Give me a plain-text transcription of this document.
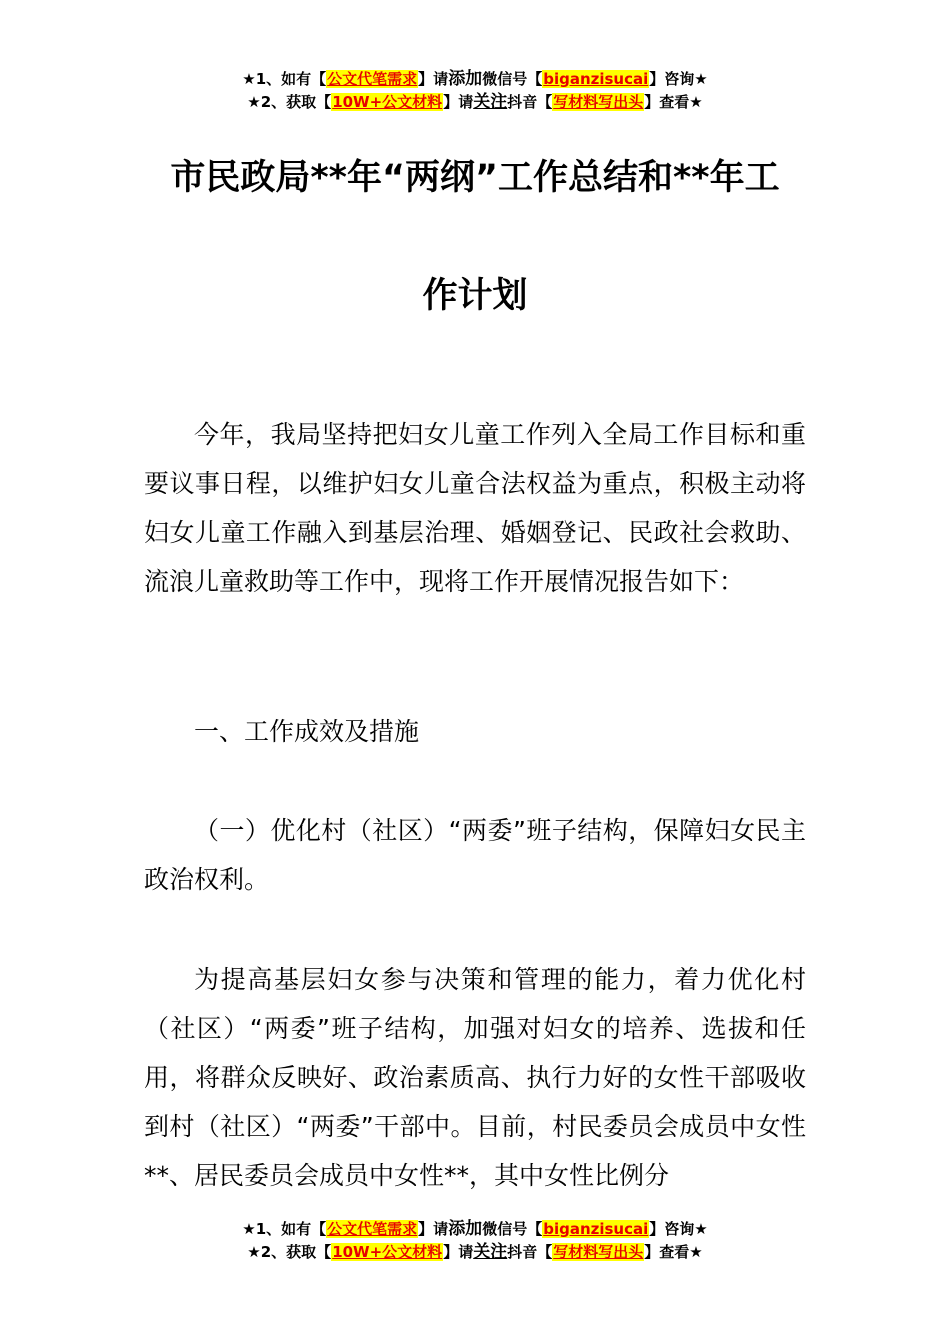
★1、如有【公文代笔需求】请添加微信号【biganzisucai】咨询★
★2、获取【10W+公文材料】请关注抖音【写材料写出头】查看★
市民政局**年“两纲”工作总结和**年工
作计划
今年，我局坚持把妇女儿童工作列入全局工作目标和重要议事日程，以维护妇女儿童合法权益为重点，积极主动将妇女儿童工作融入到基层治理、婚姻登记、民政社会救助、流浪儿童救助等工作中，现将工作开展情况报告如下：
一、工作成效及措施
（一）优化村（社区）“两委”班子结构，保障妇女民主政治权利。
为提高基层妇女参与决策和管理的能力，着力优化村（社区）“两委”班子结构，加强对妇女的培养、选拔和任用，将群众反映好、政治素质高、执行力好的女性干部吸收到村（社区）“两委”干部中。目前，村民委员会成员中女性**、居民委员会成员中女性**，其中女性比例分
★1、如有【公文代笔需求】请添加微信号【biganzisucai】咨询★
★2、获取【10W+公文材料】请关注抖音【写材料写出头】查看★
